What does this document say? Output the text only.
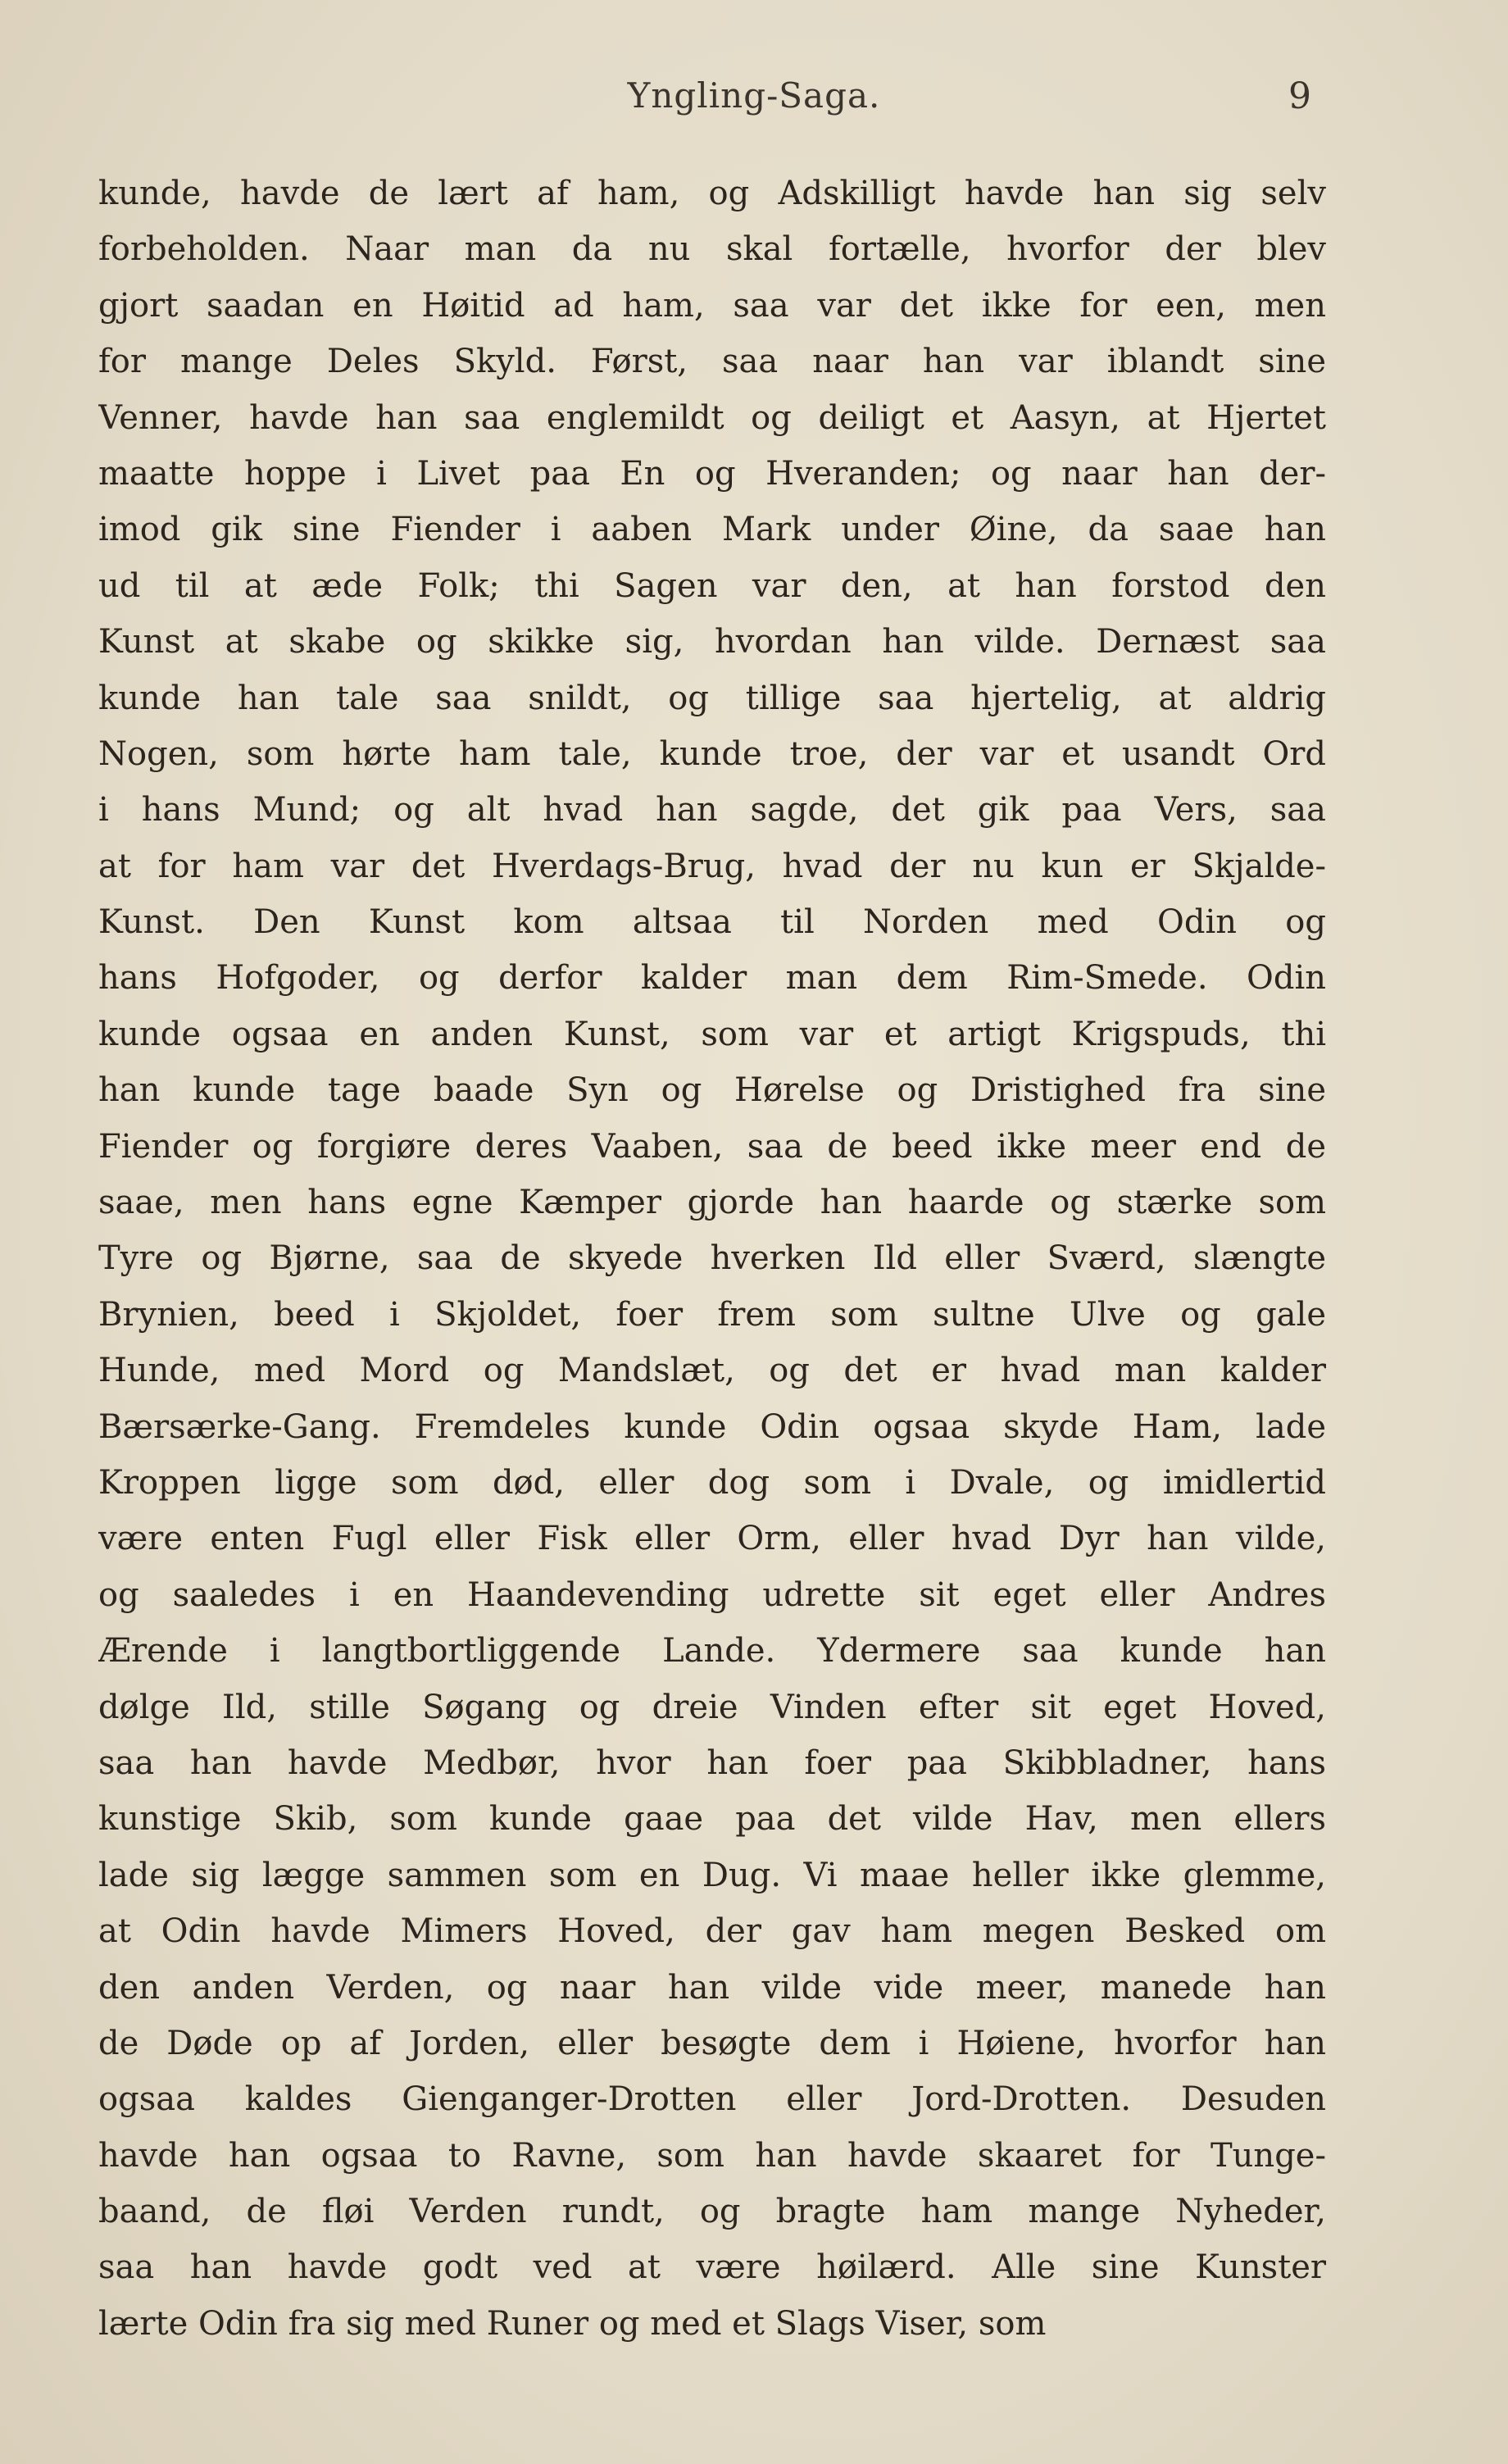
Yngling-Saga.	9
kunde, havde de lært af ham, og Adskilligt havde han sig selv
forbeholden. Naar man da nu skal fortælle, hvorfor der blev
gjort saadan en Høitid ad ham, saa var det ikke for een, men
for mange Deles Skyld. Først, saa naar han var iblandt sine
Venner, havde han saa englemildt og deiligt et Aasyn, at Hjertet
maatte hoppe i Livet paa En og Hveranden; og naar han der-
imod gik sine Fiender i aaben Mark under Øine, da saae han
ud til at æde Folk; thi Sagen var den, at han forstod den
Kunst at skabe og skikke sig, hvordan han vilde. Dernæst saa
kunde han tale saa snildt, og tillige saa hjertelig, at aldrig
Nogen, som hørte ham tale, kunde troe, der var et usandt Ord
i hans Mund; og alt hvad han sagde, det gik paa Vers, saa
at for ham var det Hverdags-Brug, hvad der nu kun er Skjalde-
Kunst. Den Kunst kom altsaa til Norden med Odin og
hans Hofgoder, og derfor kalder man dem Rim-Smede. Odin
kunde ogsaa en anden Kunst, som var et artigt Krigspuds, thi
han kunde tage baade Syn og Hørelse og Dristighed fra sine
Fiender og forgiøre deres Vaaben, saa de beed ikke meer end de
saae, men hans egne Kæmper gjorde han haarde og stærke som
Tyre og Bjørne, saa de skyede hverken Ild eller Sværd, slængte
Brynien, beed i Skjoldet, foer frem som sultne Ulve og gale
Hunde, med Mord og Mandslæt, og det er hvad man kalder
Bærsærke-Gang. Fremdeles kunde Odin ogsaa skyde Ham, lade
Kroppen ligge som død, eller dog som i Dvale, og imidlertid
være enten Fugl eller Fisk eller Orm, eller hvad Dyr han vilde,
og saaledes i en Haandevending udrette sit eget eller Andres
Ærende i langtbortliggende Lande. Ydermere saa kunde han
dølge Ild, stille Søgang og dreie Vinden efter sit eget Hoved,
saa han havde Medbør, hvor han foer paa Skibbladner, hans
kunstige Skib, som kunde gaae paa det vilde Hav, men ellers
lade sig lægge sammen som en Dug. Vi maae heller ikke glemme,
at Odin havde Mimers Hoved, der gav ham megen Besked om
den anden Verden, og naar han vilde vide meer, manede han
de Døde op af Jorden, eller besøgte dem i Høiene, hvorfor han
ogsaa kaldes Gienganger-Drotten eller Jord-Drotten. Desuden
havde han ogsaa to Ravne, som han havde skaaret for Tunge-
baand, de fløi Verden rundt, og bragte ham mange Nyheder,
saa han havde godt ved at være høilærd. Alle sine Kunster
lærte Odin fra sig med Runer og med et Slags Viser, som
